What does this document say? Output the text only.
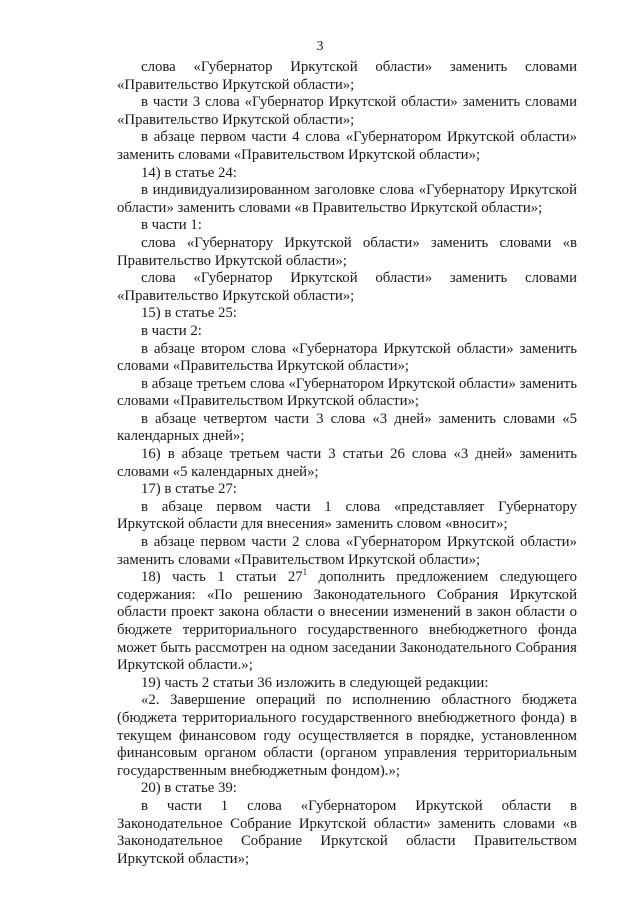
3

слова «Губернатор Иркутской области» заменить словами «Правительство Иркутской области»;

в части 3 слова «Губернатор Иркутской области» заменить словами «Правительство Иркутской области»;

в абзаце первом части 4 слова «Губернатором Иркутской области» заменить словами «Правительством Иркутской области»;

14) в статье 24:

в индивидуализированном заголовке слова «Губернатору Иркутской области» заменить словами «в Правительство Иркутской области»;

в части 1:

слова «Губернатору Иркутской области» заменить словами «в Правительство Иркутской области»;

слова «Губернатор Иркутской области» заменить словами «Правительство Иркутской области»;

15) в статье 25:

в части 2:

в абзаце втором слова «Губернатора Иркутской области» заменить словами «Правительства Иркутской области»;

в абзаце третьем слова «Губернатором Иркутской области» заменить словами «Правительством Иркутской области»;

в абзаце четвертом части 3 слова «3 дней» заменить словами «5 календарных дней»;

16) в абзаце третьем части 3 статьи 26 слова «3 дней» заменить словами «5 календарных дней»;

17) в статье 27:

в абзаце первом части 1 слова «представляет Губернатору Иркутской области для внесения» заменить словом «вносит»;

в абзаце первом части 2 слова «Губернатором Иркутской области» заменить словами «Правительством Иркутской области»;

18) часть 1 статьи $27^1$ дополнить предложением следующего содержания: «По решению Законодательного Собрания Иркутской области проект закона области о внесении изменений в закон области о бюджете территориального государственного внебюджетного фонда может быть рассмотрен на одном заседании Законодательного Собрания Иркутской области.»;

19) часть 2 статьи 36 изложить в следующей редакции:

«2. Завершение операций по исполнению областного бюджета (бюджета территориального государственного внебюджетного фонда) в текущем финансовом году осуществляется в порядке, установленном финансовым органом области (органом управления территориальным государственным внебюджетным фондом).»;

20) в статье 39:

в части 1 слова «Губернатором Иркутской области в Законодательное Собрание Иркутской области» заменить словами «в Законодательное Собрание Иркутской области Правительством Иркутской области»;
